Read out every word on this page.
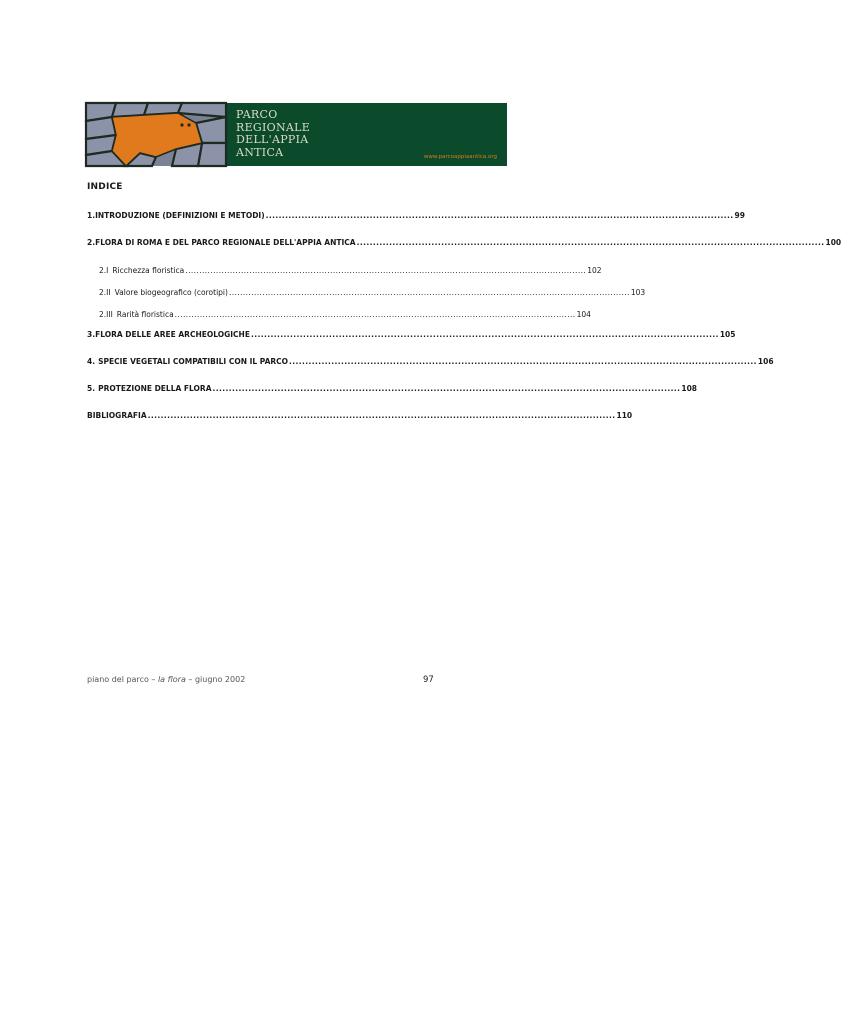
PARCO
REGIONALE
DELL'APPIA
ANTICA	www.parcoappiaantica.org
INDICE
1. INTRODUZIONE (DEFINIZIONI E METODI) ................................................................................................................................................ 99
2. FLORA DI ROMA E DEL PARCO REGIONALE DELL'APPIA ANTICA ................................................................................................................................................ 100
2.I Ricchezza floristica ................................................................................................................................................ 102
2.II Valore biogeografico (corotipi) ................................................................................................................................................ 103
2.III Rarità floristica ................................................................................................................................................ 104
3. FLORA DELLE AREE ARCHEOLOGICHE ................................................................................................................................................ 105
4. SPECIE VEGETALI COMPATIBILI CON IL PARCO ................................................................................................................................................ 106
5. PROTEZIONE DELLA FLORA ................................................................................................................................................ 108
BIBLIOGRAFIA ................................................................................................................................................ 110
piano del parco – la flora – giugno 2002	97
